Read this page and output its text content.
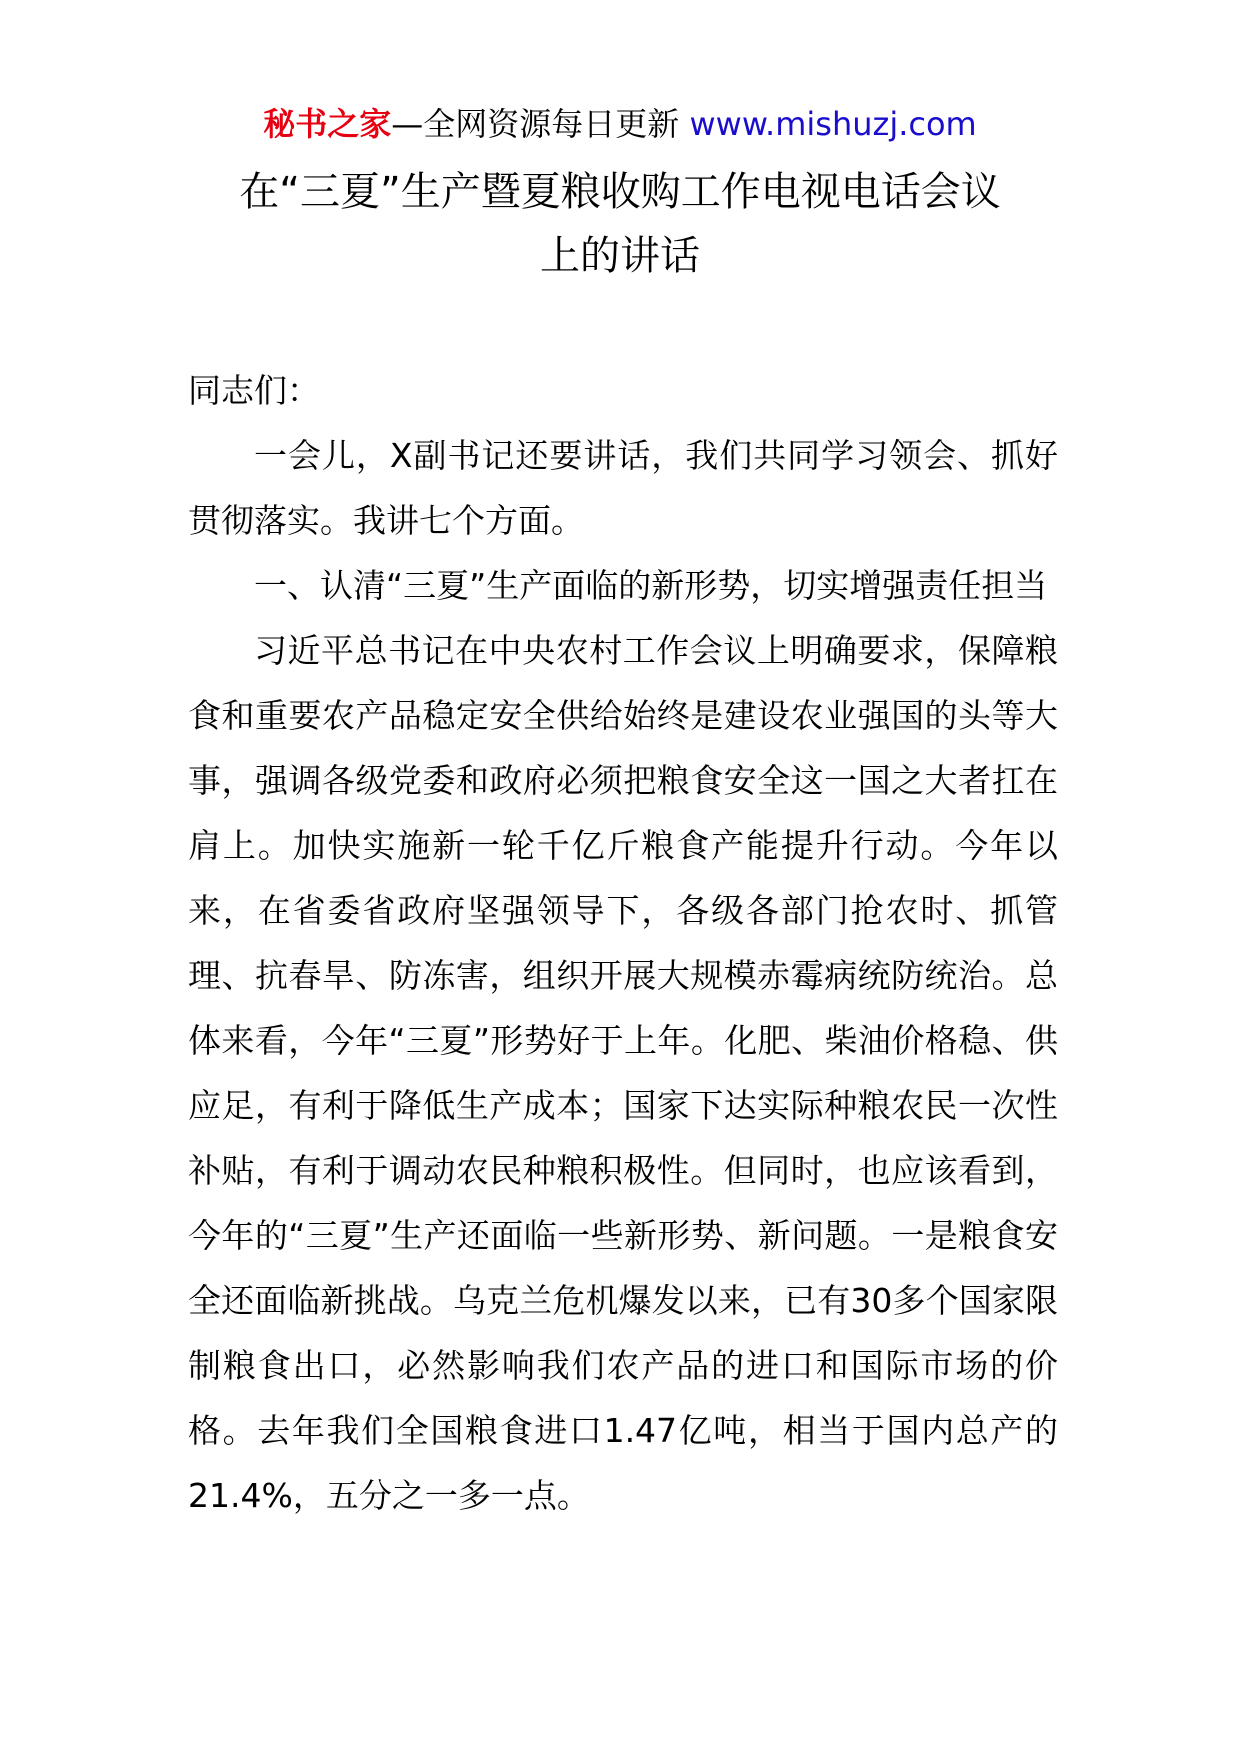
秘书之家—全网资源每日更新 www.mishuzj.com
在“三夏”生产暨夏粮收购工作电视电话会议
上的讲话

同志们：

一会儿，X副书记还要讲话，我们共同学习领会、抓好贯彻落实。我讲七个方面。

一、认清“三夏”生产面临的新形势，切实增强责任担当

习近平总书记在中央农村工作会议上明确要求，保障粮食和重要农产品稳定安全供给始终是建设农业强国的头等大事，强调各级党委和政府必须把粮食安全这一国之大者扛在肩上。加快实施新一轮千亿斤粮食产能提升行动。今年以来，在省委省政府坚强领导下，各级各部门抢农时、抓管理、抗春旱、防冻害，组织开展大规模赤霉病统防统治。总体来看，今年“三夏”形势好于上年。化肥、柴油价格稳、供应足，有利于降低生产成本；国家下达实际种粮农民一次性补贴，有利于调动农民种粮积极性。但同时，也应该看到，今年的“三夏”生产还面临一些新形势、新问题。一是粮食安全还面临新挑战。乌克兰危机爆发以来，已有30多个国家限制粮食出口，必然影响我们农产品的进口和国际市场的价格。去年我们全国粮食进口1.47亿吨，相当于国内总产的21.4%，五分之一多一点。
